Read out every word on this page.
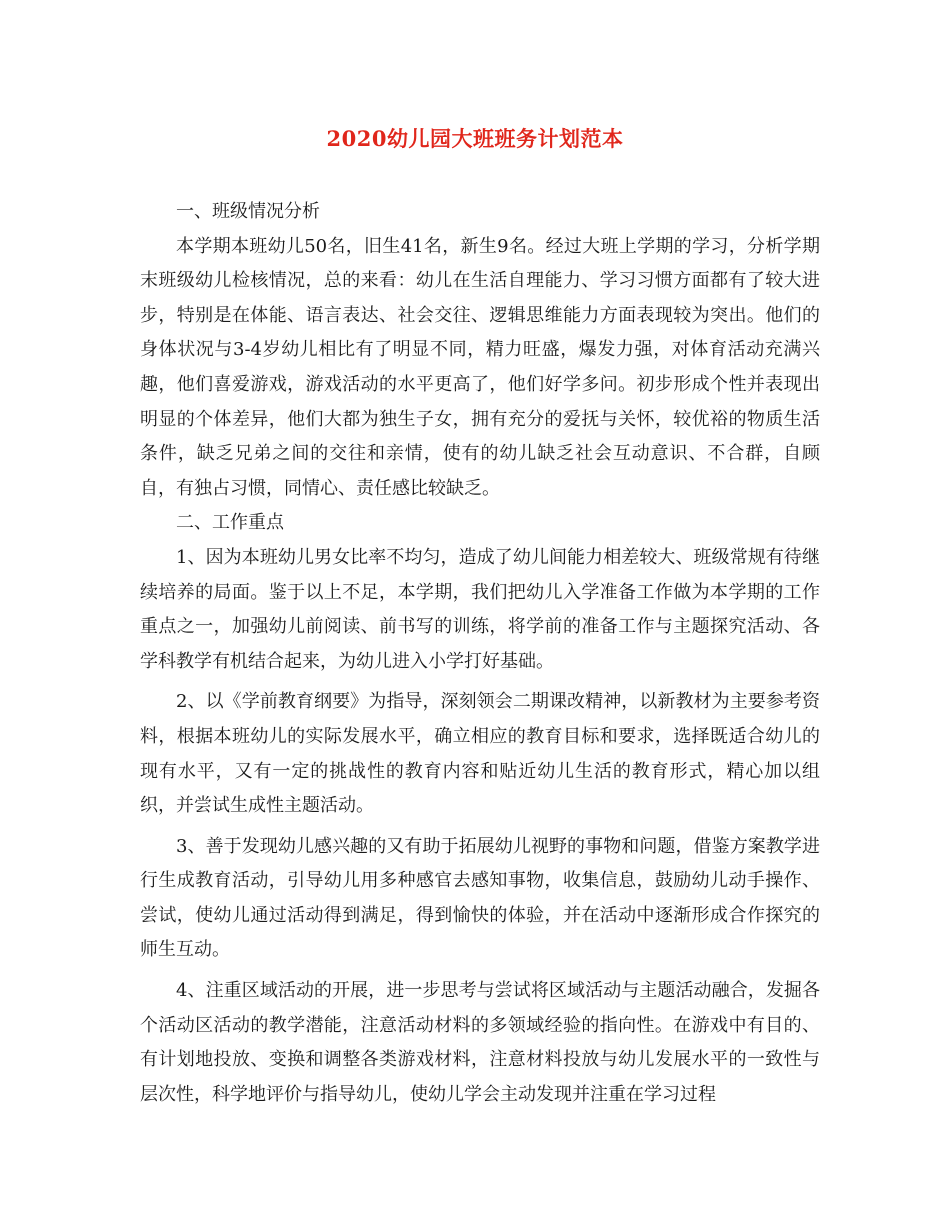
2020幼儿园大班班务计划范本

一、班级情况分析

本学期本班幼儿50名，旧生41名，新生9名。经过大班上学期的学习，分析学期末班级幼儿检核情况，总的来看：幼儿在生活自理能力、学习习惯方面都有了较大进步，特别是在体能、语言表达、社会交往、逻辑思维能力方面表现较为突出。他们的身体状况与3-4岁幼儿相比有了明显不同，精力旺盛，爆发力强，对体育活动充满兴趣，他们喜爱游戏，游戏活动的水平更高了，他们好学多问。初步形成个性并表现出明显的个体差异，他们大都为独生子女，拥有充分的爱抚与关怀，较优裕的物质生活条件，缺乏兄弟之间的交往和亲情，使有的幼儿缺乏社会互动意识、不合群，自顾自，有独占习惯，同情心、责任感比较缺乏。

二、工作重点

1、因为本班幼儿男女比率不均匀，造成了幼儿间能力相差较大、班级常规有待继续培养的局面。鉴于以上不足，本学期，我们把幼儿入学准备工作做为本学期的工作重点之一，加强幼儿前阅读、前书写的训练，将学前的准备工作与主题探究活动、各学科教学有机结合起来，为幼儿进入小学打好基础。

2、以《学前教育纲要》为指导，深刻领会二期课改精神，以新教材为主要参考资料，根据本班幼儿的实际发展水平，确立相应的教育目标和要求，选择既适合幼儿的现有水平，又有一定的挑战性的教育内容和贴近幼儿生活的教育形式，精心加以组织，并尝试生成性主题活动。

3、善于发现幼儿感兴趣的又有助于拓展幼儿视野的事物和问题，借鉴方案教学进行生成教育活动，引导幼儿用多种感官去感知事物，收集信息，鼓励幼儿动手操作、尝试，使幼儿通过活动得到满足，得到愉快的体验，并在活动中逐渐形成合作探究的师生互动。

4、注重区域活动的开展，进一步思考与尝试将区域活动与主题活动融合，发掘各个活动区活动的教学潜能，注意活动材料的多领域经验的指向性。在游戏中有目的、有计划地投放、变换和调整各类游戏材料，注意材料投放与幼儿发展水平的一致性与层次性，科学地评价与指导幼儿，使幼儿学会主动发现并注重在学习过程
